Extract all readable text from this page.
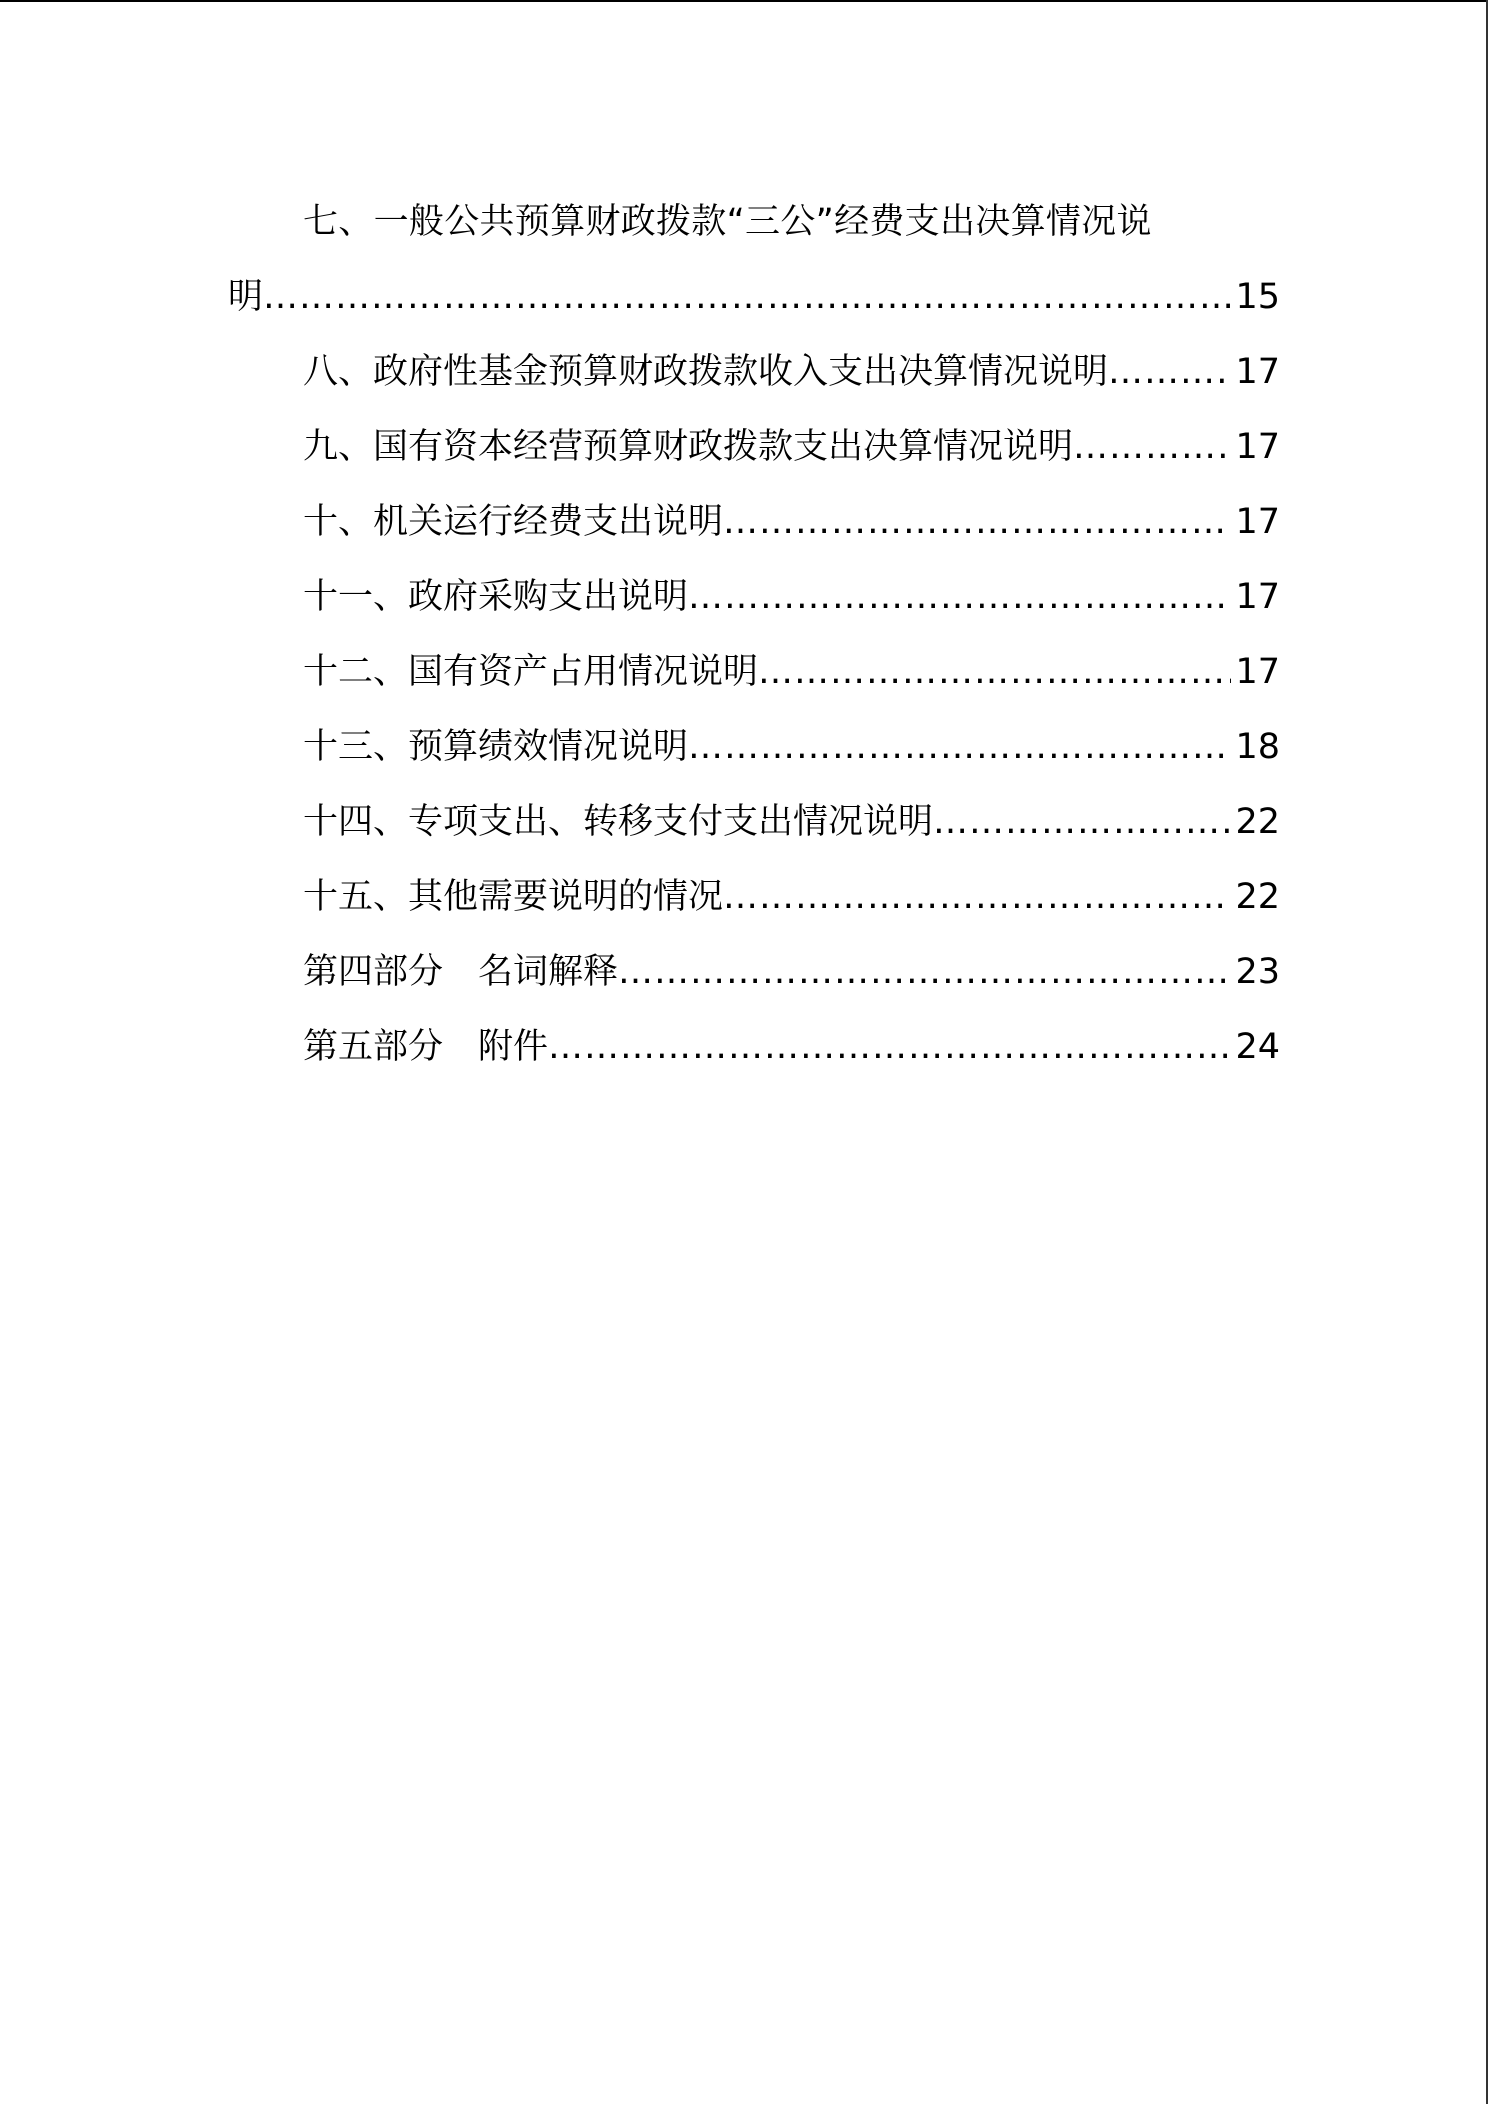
七、一般公共预算财政拨款“三公”经费支出决算情况说
明 ……………………………………………………………………………………………………………………………………………………………………………………………	15
八、政府性基金预算财政拨款收入支出决算情况说明 ……………………………………………………………………………………………………………………………………………………………………………………………	17
九、国有资本经营预算财政拨款支出决算情况说明 ……………………………………………………………………………………………………………………………………………………………………………………………	17
十、机关运行经费支出说明 ……………………………………………………………………………………………………………………………………………………………………………………………	17
十一、政府采购支出说明 ……………………………………………………………………………………………………………………………………………………………………………………………	17
十二、国有资产占用情况说明 ……………………………………………………………………………………………………………………………………………………………………………………………	17
十三、预算绩效情况说明 ……………………………………………………………………………………………………………………………………………………………………………………………	18
十四、专项支出、转移支付支出情况说明 ……………………………………………………………………………………………………………………………………………………………………………………………	22
十五、其他需要说明的情况 ……………………………………………………………………………………………………………………………………………………………………………………………	22
第四部分　名词解释 ……………………………………………………………………………………………………………………………………………………………………………………………	23
第五部分　附件 ……………………………………………………………………………………………………………………………………………………………………………………………	24
